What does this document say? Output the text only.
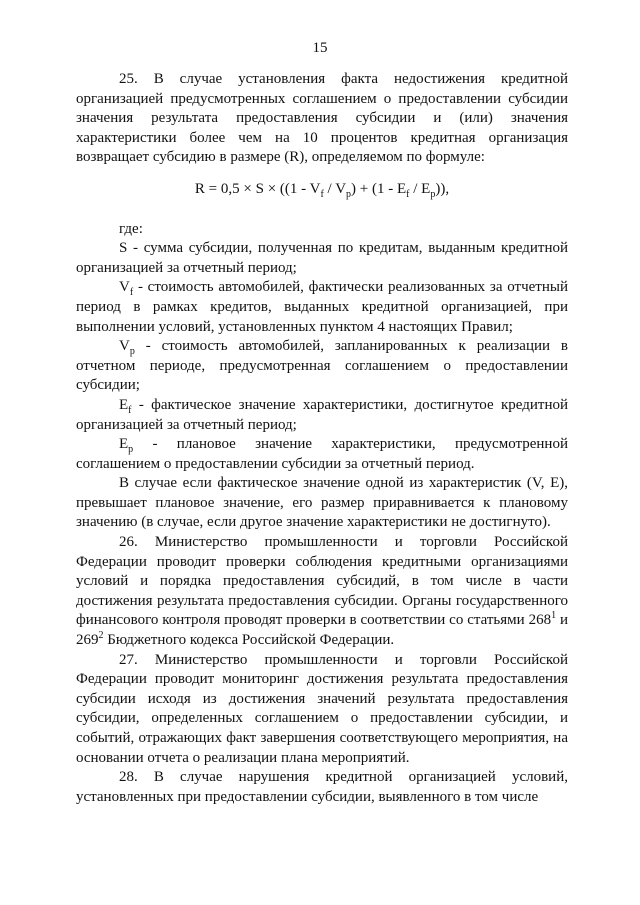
15

25. В случае установления факта недостижения кредитной организацией предусмотренных соглашением о предоставлении субсидии значения результата предоставления субсидии и (или) значения характеристики более чем на 10 процентов кредитная организация возвращает субсидию в размере (R), определяемом по формуле:

$R = 0,5 \times S \times ((1 - V_f / V_p) + (1 - E_f / E_p))$,

где:

S - сумма субсидии, полученная по кредитам, выданным кредитной организацией за отчетный период;

$V_f$ - стоимость автомобилей, фактически реализованных за отчетный период в рамках кредитов, выданных кредитной организацией, при выполнении условий, установленных пунктом 4 настоящих Правил;

$V_p$ - стоимость автомобилей, запланированных к реализации в отчетном периоде, предусмотренная соглашением о предоставлении субсидии;

$E_f$ - фактическое значение характеристики, достигнутое кредитной организацией за отчетный период;

$E_p$ - плановое значение характеристики, предусмотренной соглашением о предоставлении субсидии за отчетный период.

В случае если фактическое значение одной из характеристик (V, E), превышает плановое значение, его размер приравнивается к плановому значению (в случае, если другое значение характеристики не достигнуто).

26. Министерство промышленности и торговли Российской Федерации проводит проверки соблюдения кредитными организациями условий и порядка предоставления субсидий, в том числе в части достижения результата предоставления субсидии. Органы государственного финансового контроля проводят проверки в соответствии со статьями $268^1$ и $269^2$ Бюджетного кодекса Российской Федерации.

27. Министерство промышленности и торговли Российской Федерации проводит мониторинг достижения результата предоставления субсидии исходя из достижения значений результата предоставления субсидии, определенных соглашением о предоставлении субсидии, и событий, отражающих факт завершения соответствующего мероприятия, на основании отчета о реализации плана мероприятий.

28. В случае нарушения кредитной организацией условий, установленных при предоставлении субсидии, выявленного в том числе
